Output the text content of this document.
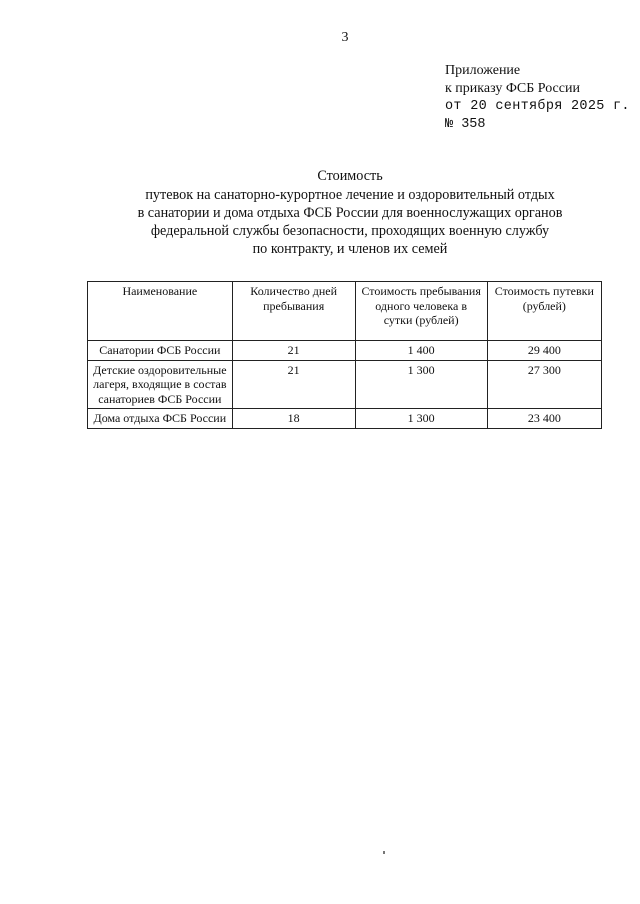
3
Приложение
к приказу ФСБ России
от 20 сентября 2025 г.
№ 358
Стоимость
путевок на санаторно-курортное лечение и оздоровительный отдых
в санатории и дома отдыха ФСБ России для военнослужащих органов
федеральной службы безопасности, проходящих военную службу
по контракту, и членов их семей
Наименование	Количество дней пребывания	Стоимость пребывания одного человека в сутки (рублей)	Стоимость путевки (рублей)
Санатории ФСБ России	21	1 400	29 400
Детские оздоровительные лагеря, входящие в состав санаториев ФСБ России	21	1 300	27 300
Дома отдыха ФСБ России	18	1 300	23 400
